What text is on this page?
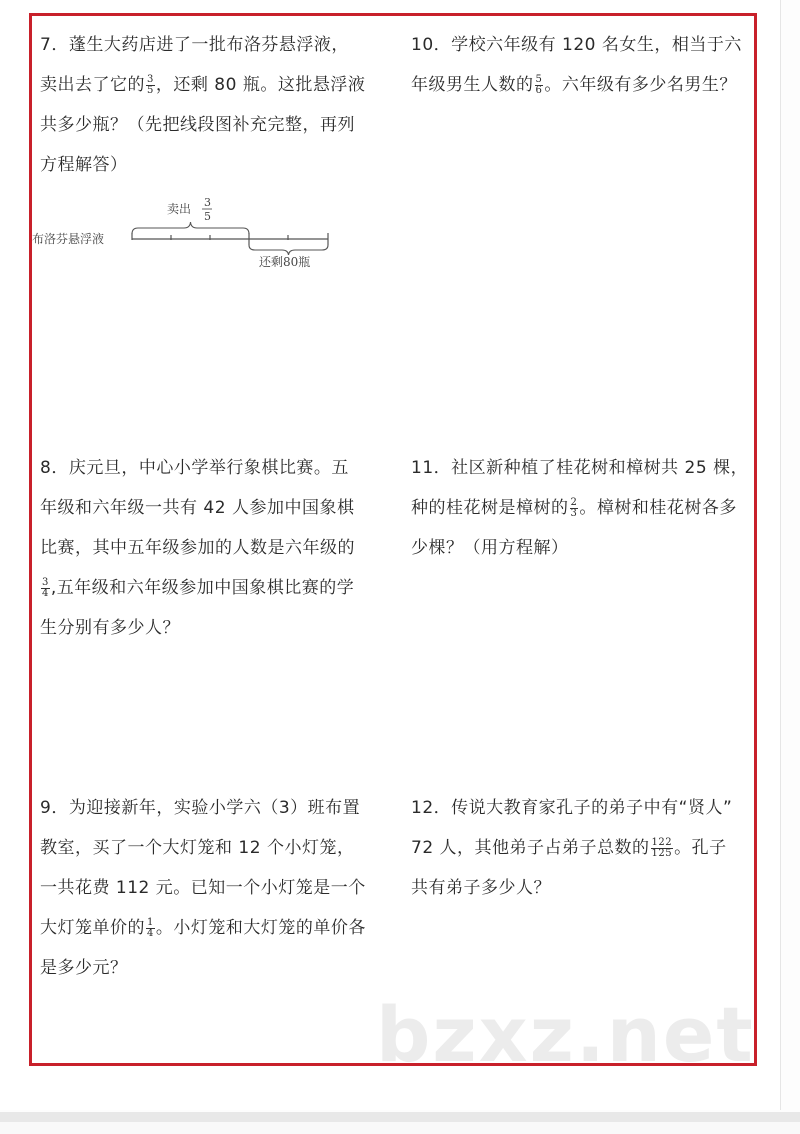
7．蓬生大药店进了一批布洛芬悬浮液，
卖出去了它的 $\frac{3}{5}$ ，还剩 80 瓶。这批悬浮液
共多少瓶？（先把线段图补充完整，再列
方程解答）
布洛芬悬浮液
卖出 3
5
还剩80瓶
10．学校六年级有 120 名女生，相当于六
年级男生人数的 $\frac{5}{6}$ 。六年级有多少名男生？
8．庆元旦，中心小学举行象棋比赛。五
年级和六年级一共有 42 人参加中国象棋
比赛，其中五年级参加的人数是六年级的
$\frac{3}{4}$ ,五年级和六年级参加中国象棋比赛的学
生分别有多少人？
11．社区新种植了桂花树和樟树共 25 棵，
种的桂花树是樟树的 $\frac{2}{3}$ 。樟树和桂花树各多
少棵？（用方程解）
9．为迎接新年，实验小学六（3）班布置
教室，买了一个大灯笼和 12 个小灯笼，
一共花费 112 元。已知一个小灯笼是一个
大灯笼单价的 $\frac{1}{4}$ 。小灯笼和大灯笼的单价各
是多少元？
12．传说大教育家孔子的弟子中有“贤人”
72 人，其他弟子占弟子总数的 $\frac{122}{125}$ 。孔子
共有弟子多少人？
bzxz.net
